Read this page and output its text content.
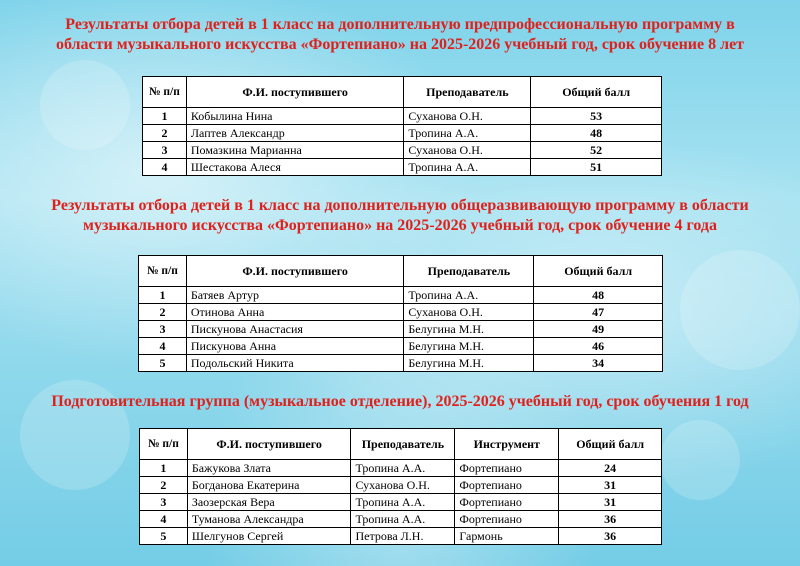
Результаты отбора детей в 1 класс на дополнительную предпрофессиональную программу в
области музыкального искусства «Фортепиано» на 2025-2026 учебный год, срок обучение 8 лет
№ п/п	Ф.И. поступившего	Преподаватель	Общий балл
1	Кобылина Нина	Суханова О.Н.	53
2	Лаптев Александр	Тропина А.А.	48
3	Помазкина Марианна	Суханова О.Н.	52
4	Шестакова Алеся	Тропина А.А.	51
Результаты отбора детей в 1 класс на дополнительную общеразвивающую программу в области
музыкального искусства «Фортепиано» на 2025-2026 учебный год, срок обучение 4 года
№ п/п	Ф.И. поступившего	Преподаватель	Общий балл
1	Батяев Артур	Тропина А.А.	48
2	Отинова Анна	Суханова О.Н.	47
3	Пискунова Анастасия	Белугина М.Н.	49
4	Пискунова Анна	Белугина М.Н.	46
5	Подольский Никита	Белугина М.Н.	34
Подготовительная группа (музыкальное отделение), 2025-2026 учебный год, срок обучения 1 год
№ п/п	Ф.И. поступившего	Преподаватель	Инструмент	Общий балл
1	Бажукова Злата	Тропина А.А.	Фортепиано	24
2	Богданова Екатерина	Суханова О.Н.	Фортепиано	31
3	Заозерская Вера	Тропина А.А.	Фортепиано	31
4	Туманова Александра	Тропина А.А.	Фортепиано	36
5	Шелгунов Сергей	Петрова Л.Н.	Гармонь	36
